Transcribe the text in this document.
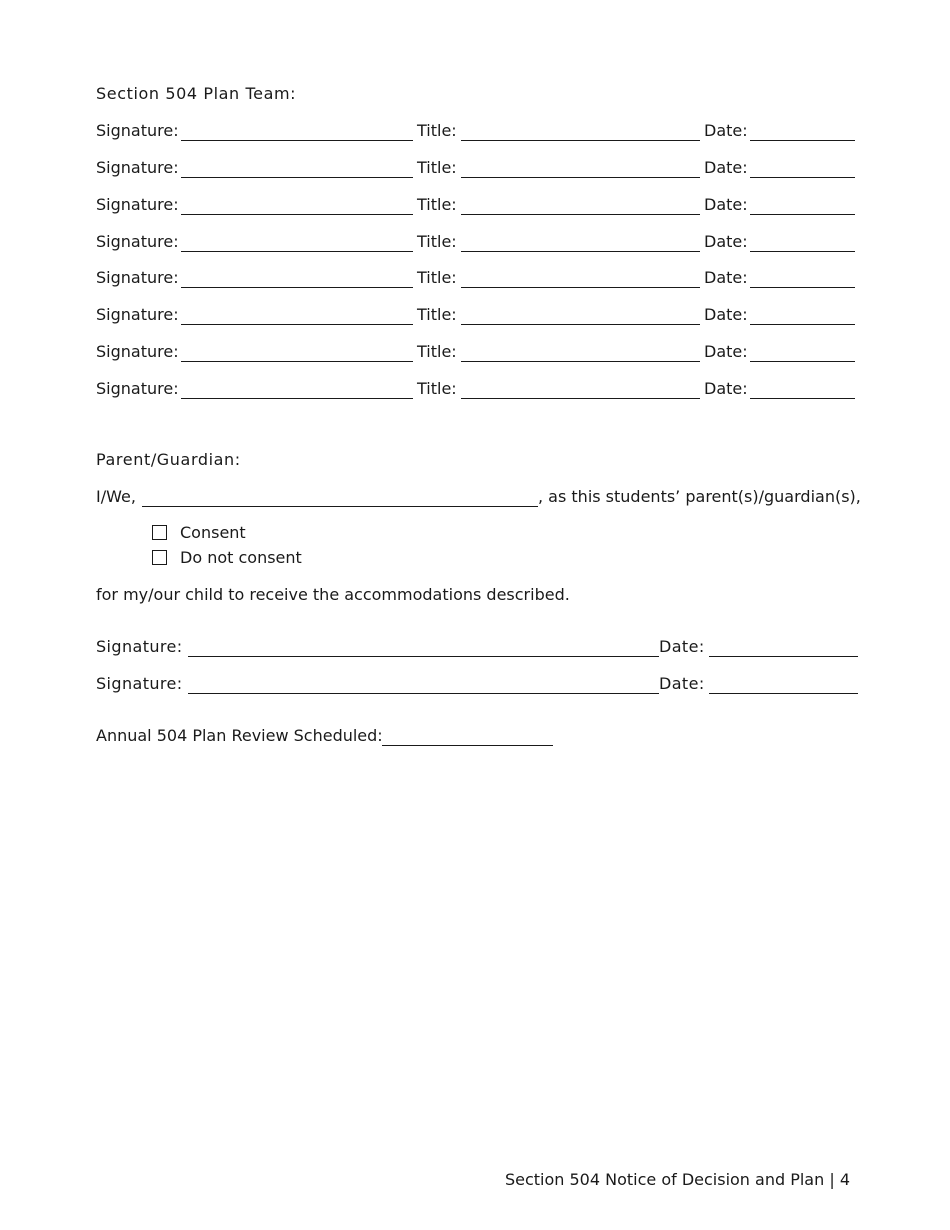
Section 504 Plan Team:
Signature:	Title:	Date:
Signature:	Title:	Date:
Signature:	Title:	Date:
Signature:	Title:	Date:
Signature:	Title:	Date:
Signature:	Title:	Date:
Signature:	Title:	Date:
Signature:	Title:	Date:
Parent/Guardian:
I/We,	, as this students’ parent(s)/guardian(s),
Consent
Do not consent
for my/our child to receive the accommodations described.
Signature:	Date:
Signature:	Date:
Annual 504 Plan Review Scheduled:
Section 504 Notice of Decision and Plan | 4
